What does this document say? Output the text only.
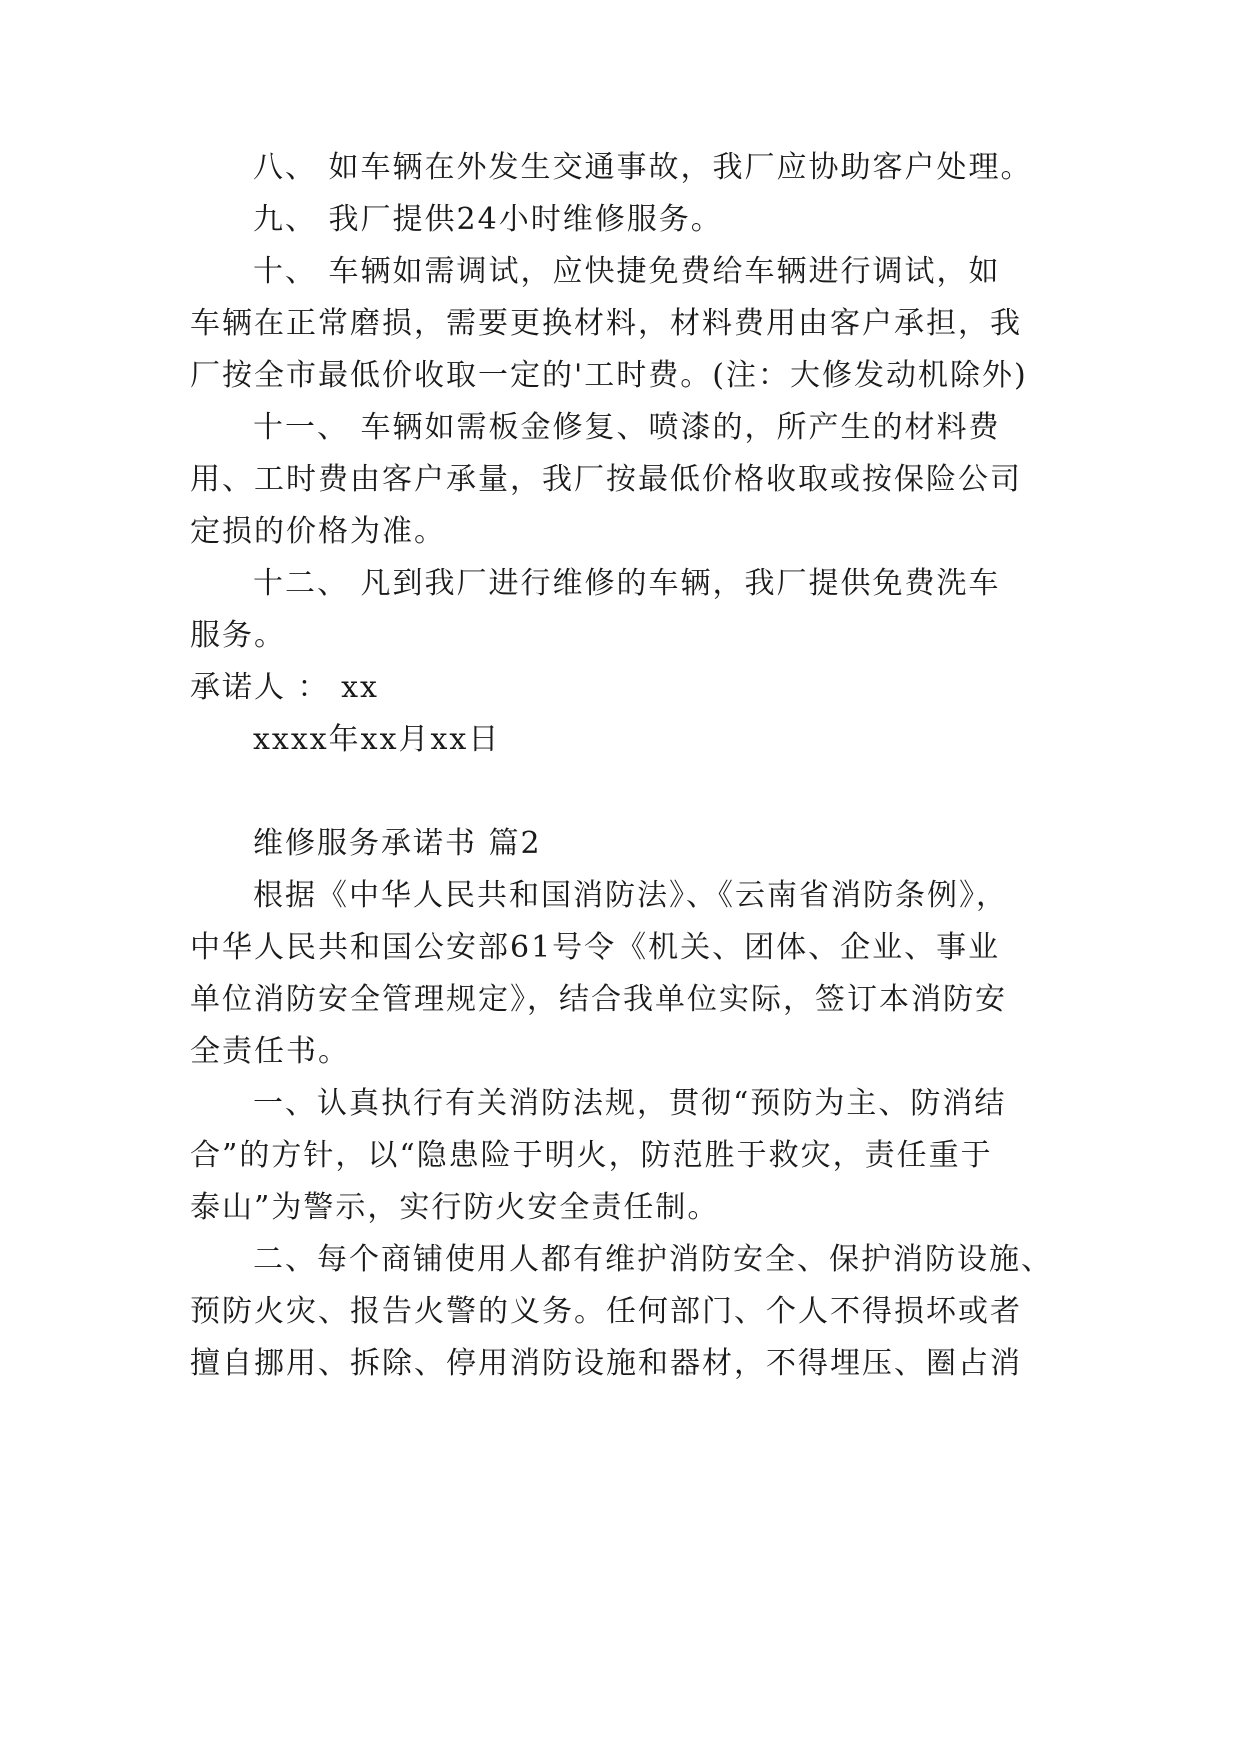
八、 如车辆在外发生交通事故，我厂应协助客户处理。
九、 我厂提供24小时维修服务。
十、 车辆如需调试，应快捷免费给车辆进行调试，如
车辆在正常磨损，需要更换材料，材料费用由客户承担，我
厂按全市最低价收取一定的'工时费。(注：大修发动机除外)
十一、 车辆如需板金修复、喷漆的，所产生的材料费
用、工时费由客户承量，我厂按最低价格收取或按保险公司
定损的价格为准。
十二、 凡到我厂进行维修的车辆，我厂提供免费洗车
服务。
承诺人 ： xx
xxxx年xx月xx日
维修服务承诺书 篇2
根据《中华人民共和国消防法》、《云南省消防条例》，
中华人民共和国公安部61号令《机关、团体、企业、事业
单位消防安全管理规定》，结合我单位实际，签订本消防安
全责任书。
一、认真执行有关消防法规，贯彻“预防为主、防消结
合”的方针，以“隐患险于明火，防范胜于救灾，责任重于
泰山”为警示，实行防火安全责任制。
二、每个商铺使用人都有维护消防安全、保护消防设施、
预防火灾、报告火警的义务。任何部门、个人不得损坏或者
擅自挪用、拆除、停用消防设施和器材，不得埋压、圈占消
